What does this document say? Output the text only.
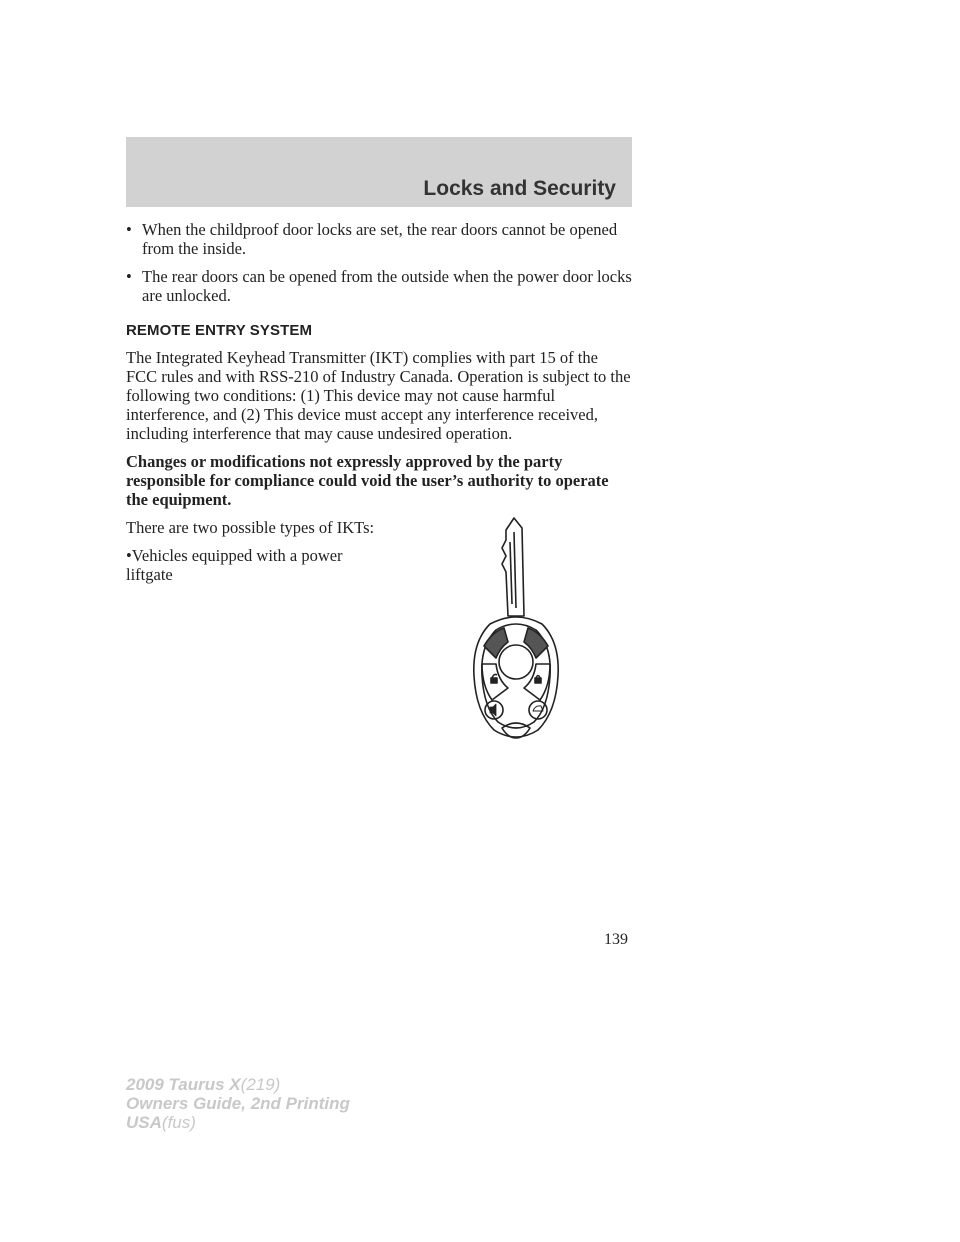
Locks and Security
• When the childproof door locks are set, the rear doors cannot be opened from the inside.
• The rear doors can be opened from the outside when the power door locks are unlocked.
REMOTE ENTRY SYSTEM

The Integrated Keyhead Transmitter (IKT) complies with part 15 of the FCC rules and with RSS-210 of Industry Canada. Operation is subject to the following two conditions: (1) This device may not cause harmful interference, and (2) This device must accept any interference received, including interference that may cause undesired operation.

Changes or modifications not expressly approved by the party responsible for compliance could void the user’s authority to operate the equipment.

There are two possible types of IKTs:

•Vehicles equipped with a power liftgate

139
2009 Taurus X(219)
Owners Guide, 2nd Printing
USA(fus)
